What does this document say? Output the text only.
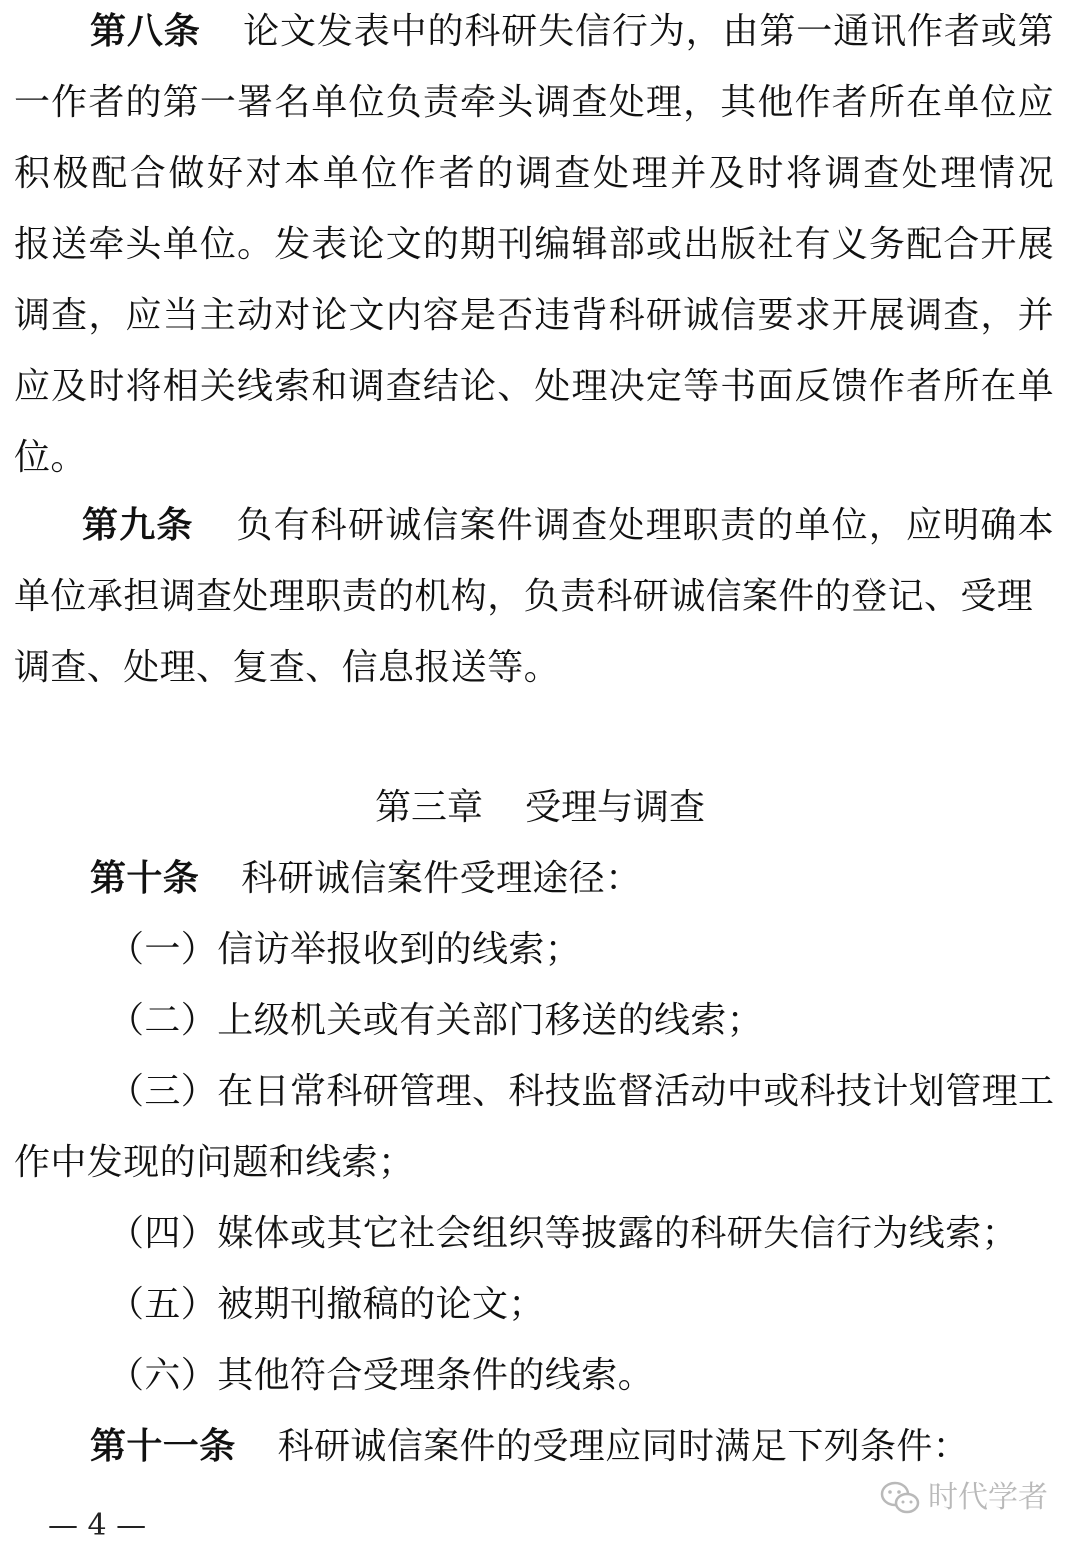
第八条 论文发表中的科研失信行为，由第一通讯作者或第
一作者的第一署名单位负责牵头调查处理，其他作者所在单位应
积极配合做好对本单位作者的调查处理并及时将调查处理情况
报送牵头单位。发表论文的期刊编辑部或出版社有义务配合开展
调查，应当主动对论文内容是否违背科研诚信要求开展调查，并
应及时将相关线索和调查结论、处理决定等书面反馈作者所在单
位。
第九条 负有科研诚信案件调查处理职责的单位，应明确本
单位承担调查处理职责的机构，负责科研诚信案件的登记、受理
调查、处理、复查、信息报送等。
第三章 受理与调查
第十条 科研诚信案件受理途径：
（一）信访举报收到的线索；
（二）上级机关或有关部门移送的线索；
（三）在日常科研管理、科技监督活动中或科技计划管理工
作中发现的问题和线索；
（四）媒体或其它社会组织等披露的科研失信行为线索；
（五）被期刊撤稿的论文；
（六）其他符合受理条件的线索。
第十一条 科研诚信案件的受理应同时满足下列条件：
— 4 —
时代学者
